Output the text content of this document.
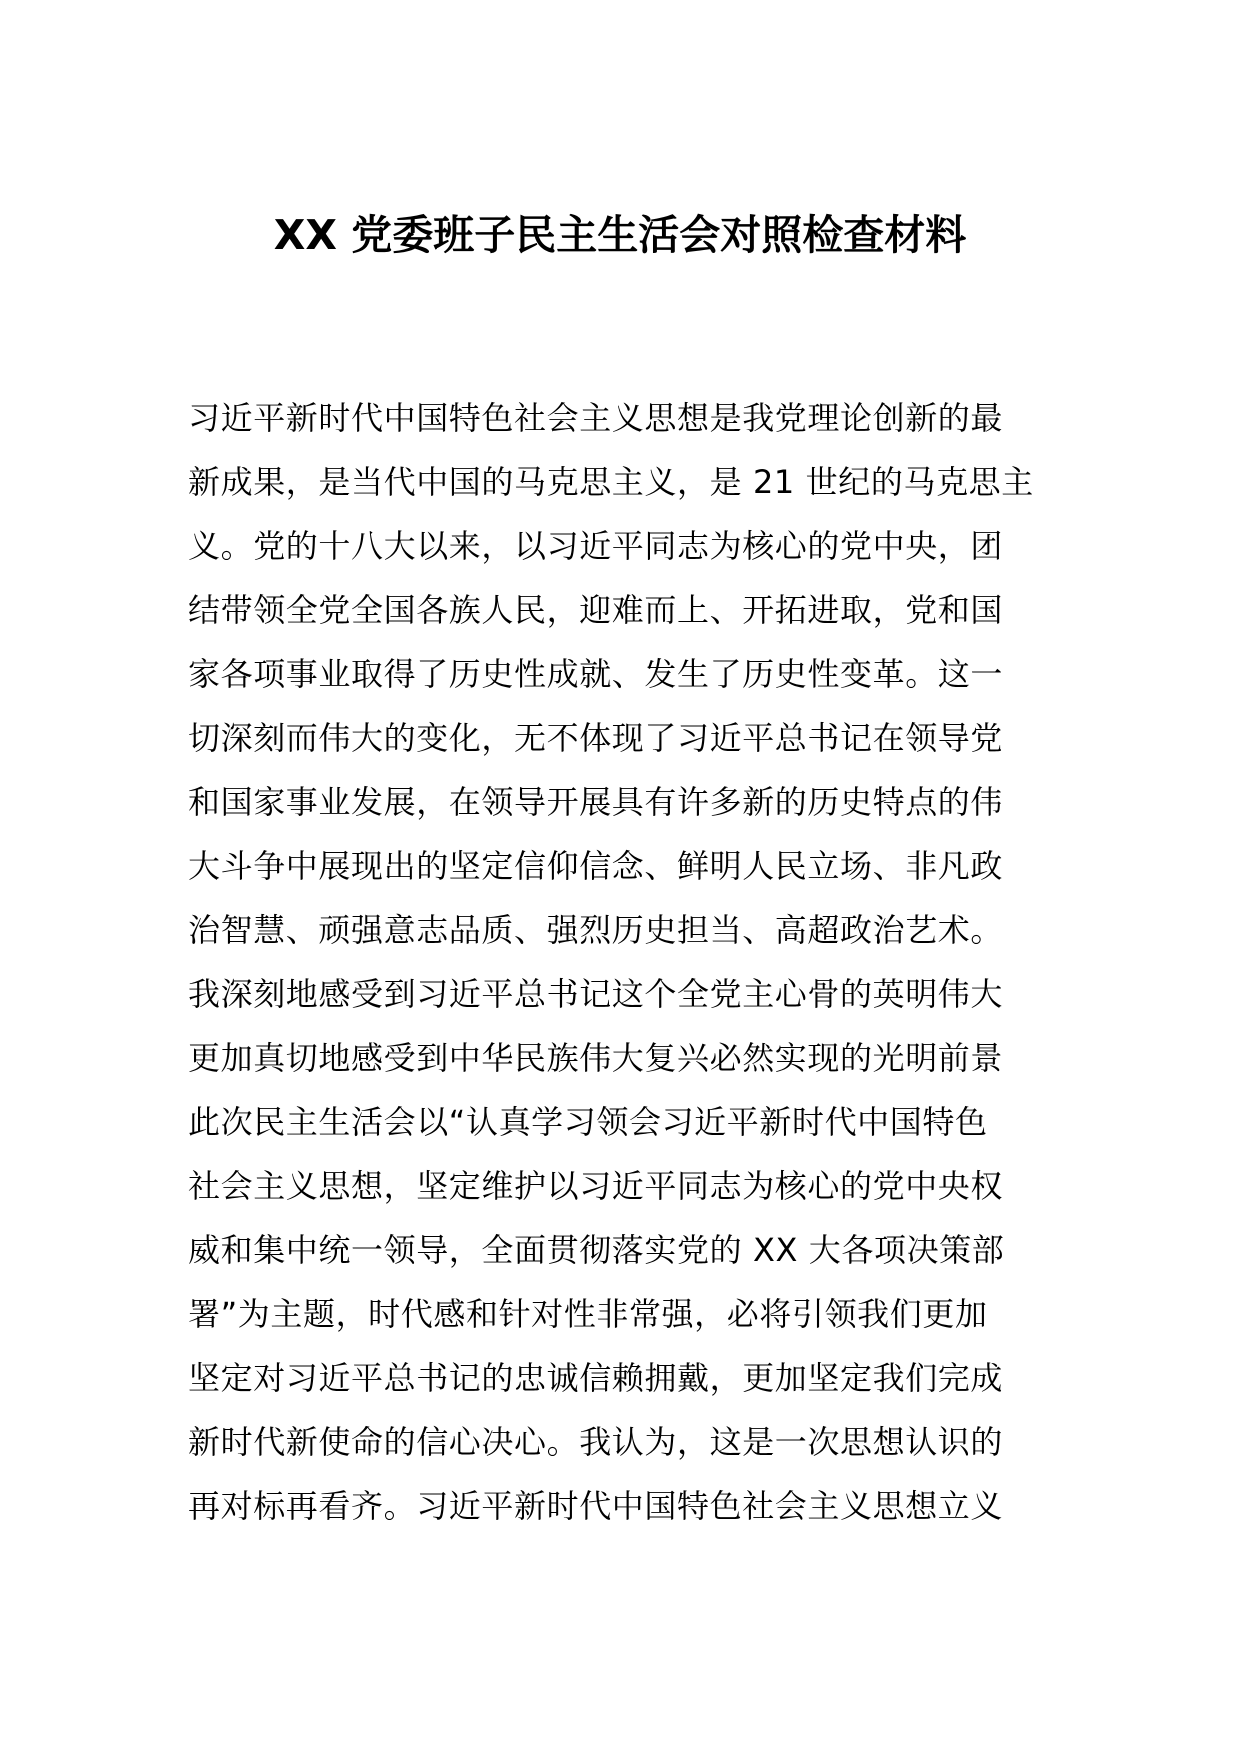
XX 党委班子民主生活会对照检查材料
习近平新时代中国特色社会主义思想是我党理论创新的最
新成果，是当代中国的马克思主义，是 21 世纪的马克思主
义。党的十八大以来，以习近平同志为核心的党中央，团
结带领全党全国各族人民，迎难而上、开拓进取，党和国
家各项事业取得了历史性成就、发生了历史性变革。这一
切深刻而伟大的变化，无不体现了习近平总书记在领导党
和国家事业发展，在领导开展具有许多新的历史特点的伟
大斗争中展现出的坚定信仰信念、鲜明人民立场、非凡政
治智慧、顽强意志品质、强烈历史担当、高超政治艺术。
我深刻地感受到习近平总书记这个全党主心骨的英明伟大
更加真切地感受到中华民族伟大复兴必然实现的光明前景
此次民主生活会以“认真学习领会习近平新时代中国特色
社会主义思想，坚定维护以习近平同志为核心的党中央权
威和集中统一领导，全面贯彻落实党的 XX 大各项决策部
署”为主题，时代感和针对性非常强，必将引领我们更加
坚定对习近平总书记的忠诚信赖拥戴，更加坚定我们完成
新时代新使命的信心决心。我认为，这是一次思想认识的
再对标再看齐。习近平新时代中国特色社会主义思想立义
